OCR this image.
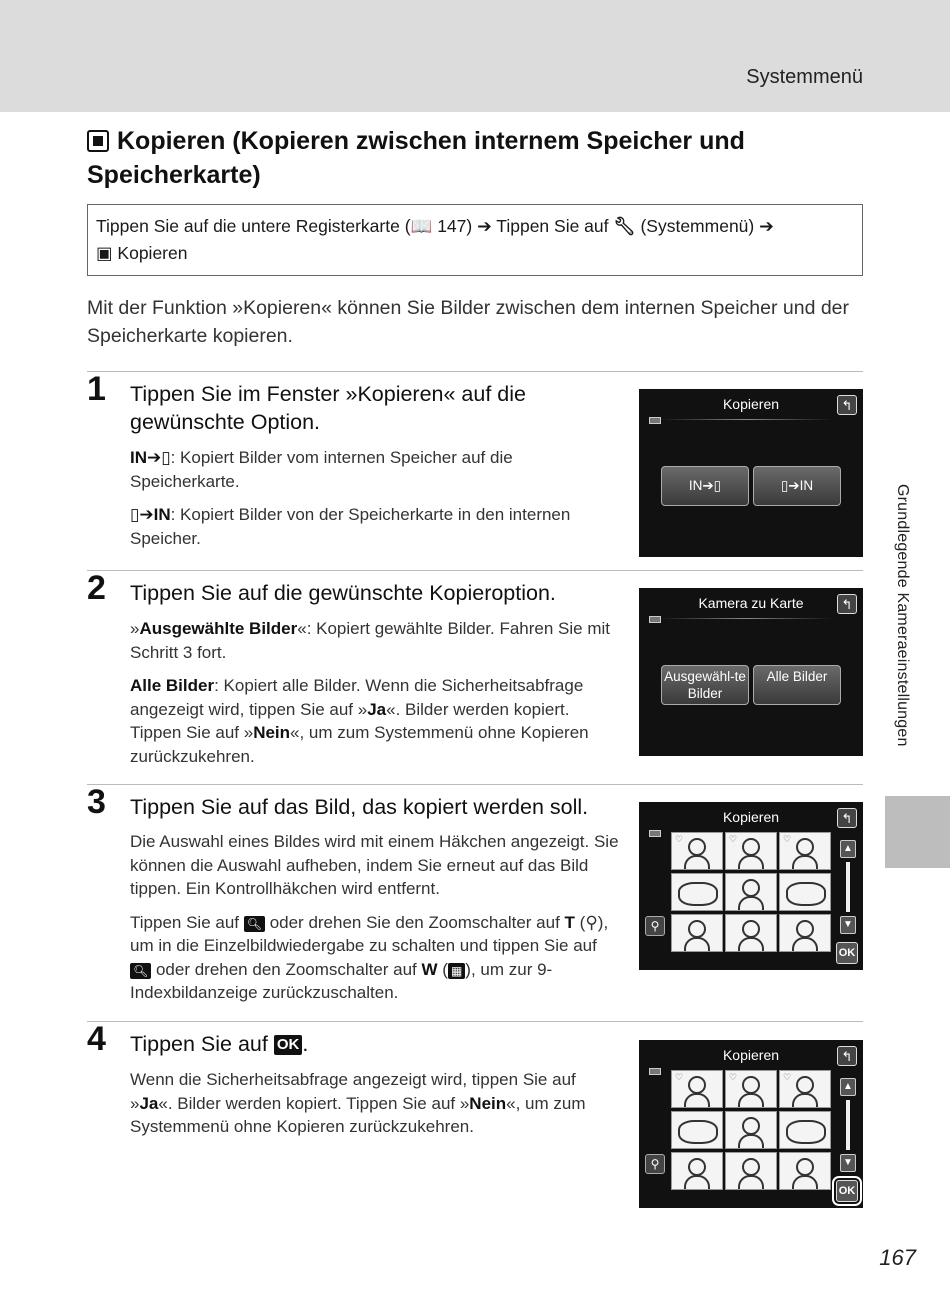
Systemmenü
Kopieren (Kopieren zwischen internem Speicher und Speicherkarte)
Tippen Sie auf die untere Registerkarte (📖 147) ➔ Tippen Sie auf 🔧︎ (Systemmenü) ➔
▣ Kopieren
Mit der Funktion »Kopieren« können Sie Bilder zwischen dem internen Speicher und der Speicherkarte kopieren.
1 Tippen Sie im Fenster »Kopieren« auf die gewünschte Option.

IN➔▯: Kopiert Bilder vom internen Speicher auf die Speicherkarte.

▯➔IN: Kopiert Bilder von der Speicherkarte in den internen Speicher.

Kopieren	↰
IN➔▯	▯➔IN
2 Tippen Sie auf die gewünschte Kopieroption.

»Ausgewählte Bilder«: Kopiert gewählte Bilder. Fahren Sie mit Schritt 3 fort.

Alle Bilder: Kopiert alle Bilder. Wenn die Sicherheitsabfrage angezeigt wird, tippen Sie auf »Ja«. Bilder werden kopiert. Tippen Sie auf »Nein«, um zum Systemmenü ohne Kopieren zurückzukehren.

Kamera zu Karte	↰
Ausgewähl-te Bilder
Alle Bilder
3 Tippen Sie auf das Bild, das kopiert werden soll.

Die Auswahl eines Bildes wird mit einem Häkchen angezeigt. Sie können die Auswahl aufheben, indem Sie erneut auf das Bild tippen. Ein Kontrollhäkchen wird entfernt.

Tippen Sie auf 🔍︎ oder drehen Sie den Zoomschalter auf T (⚲), um in die Einzelbildwiedergabe zu schalten und tippen Sie auf 🔍︎ oder drehen den Zoomschalter auf W ( ▦ ), um zur 9-Indexbildanzeige zurückzuschalten.

Kopieren	↰
♡	♡	♡
▲
▼
OK
⚲
4 Tippen Sie auf OK .

Wenn die Sicherheitsabfrage angezeigt wird, tippen Sie auf »Ja«. Bilder werden kopiert. Tippen Sie auf »Nein«, um zum Systemmenü ohne Kopieren zurückzukehren.

Kopieren	↰
♡	♡	♡
▲
▼
OK
⚲
Grundlegende Kameraeinstellungen
167
